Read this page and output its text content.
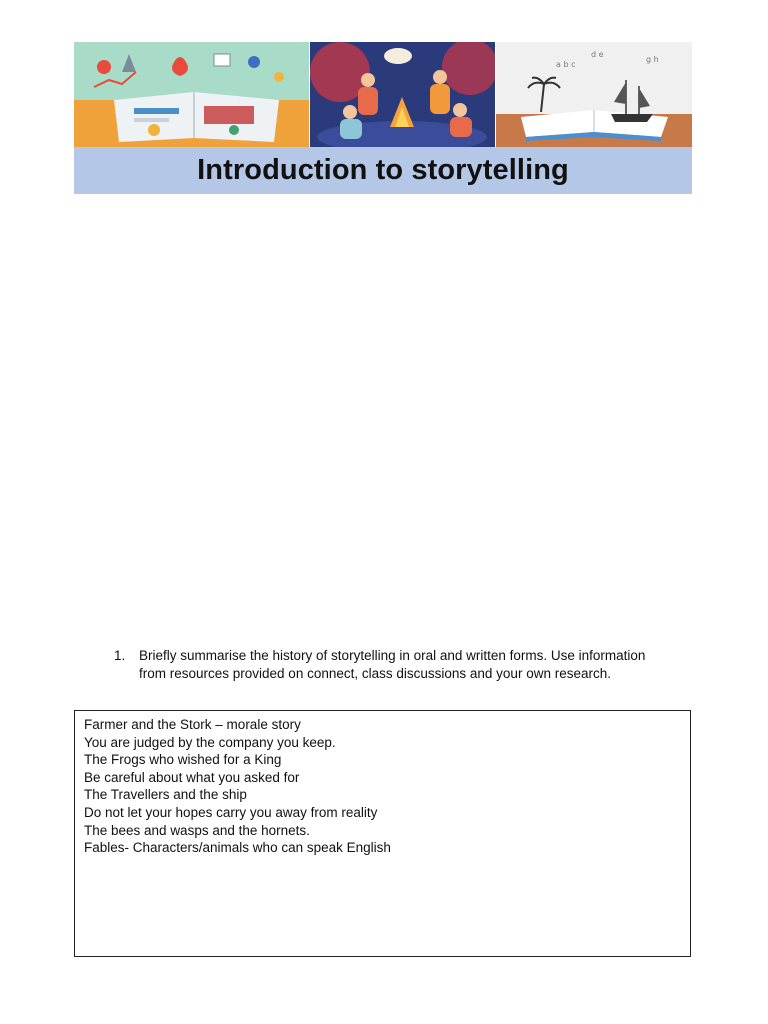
a b c
d e
g h
Introduction to storytelling
1. Briefly summarise the history of storytelling in oral and written forms. Use information from resources provided on connect, class discussions and your own research.
Farmer and the Stork – morale story
You are judged by the company you keep.
The Frogs who wished for a King
Be careful about what you asked for
The Travellers and the ship
Do not let your hopes carry you away from reality
The bees and wasps and the hornets.
Fables- Characters/animals who can speak English
